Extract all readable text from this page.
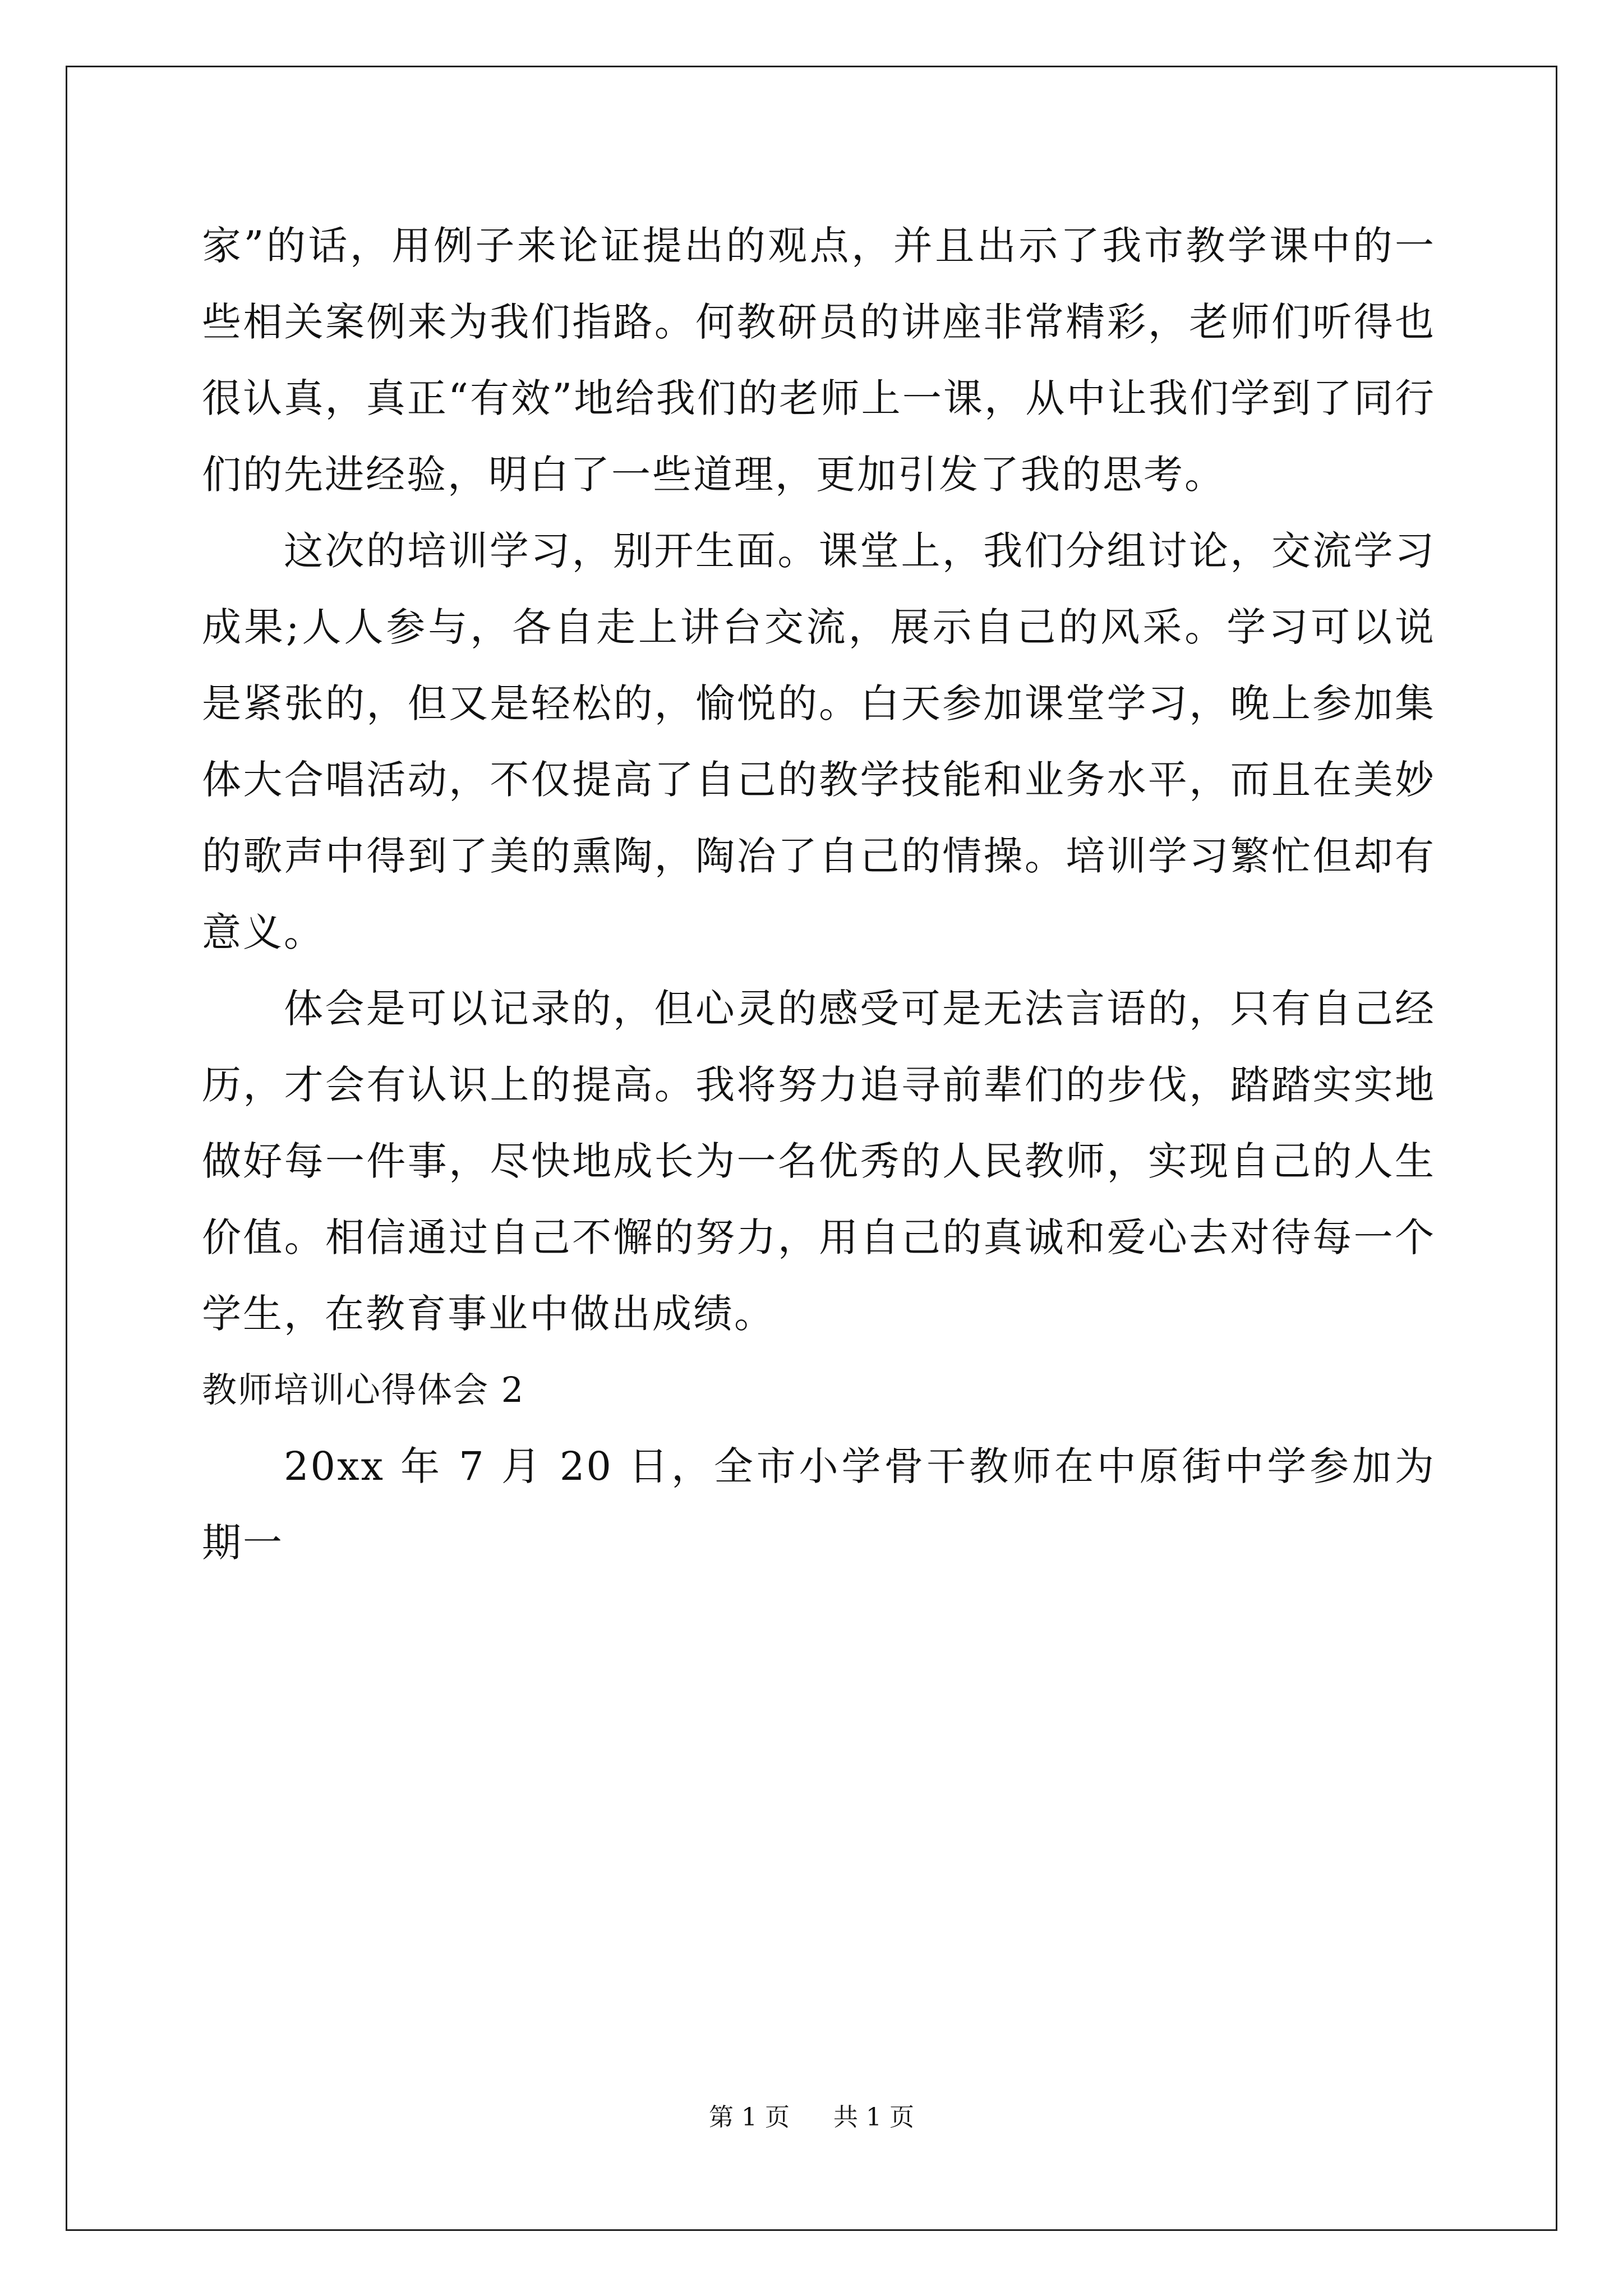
家”的话，用例子来论证提出的观点，并且出示了我市教学课中的一些相关案例来为我们指路。何教研员的讲座非常精彩，老师们听得也很认真，真正“有效”地给我们的老师上一课，从中让我们学到了同行们的先进经验，明白了一些道理，更加引发了我的思考。

这次的培训学习，别开生面。课堂上，我们分组讨论，交流学习成果;人人参与，各自走上讲台交流，展示自己的风采。学习可以说是紧张的，但又是轻松的，愉悦的。白天参加课堂学习，晚上参加集体大合唱活动，不仅提高了自己的教学技能和业务水平，而且在美妙的歌声中得到了美的熏陶，陶冶了自己的情操。培训学习繁忙但却有意义。

体会是可以记录的，但心灵的感受可是无法言语的，只有自己经历，才会有认识上的提高。我将努力追寻前辈们的步伐，踏踏实实地做好每一件事，尽快地成长为一名优秀的人民教师，实现自己的人生价值。相信通过自己不懈的努力，用自己的真诚和爱心去对待每一个学生，在教育事业中做出成绩。

教师培训心得体会 2

20xx 年 7 月 20 日，全市小学骨干教师在中原街中学参加为期一

第 1 页 共 1 页
